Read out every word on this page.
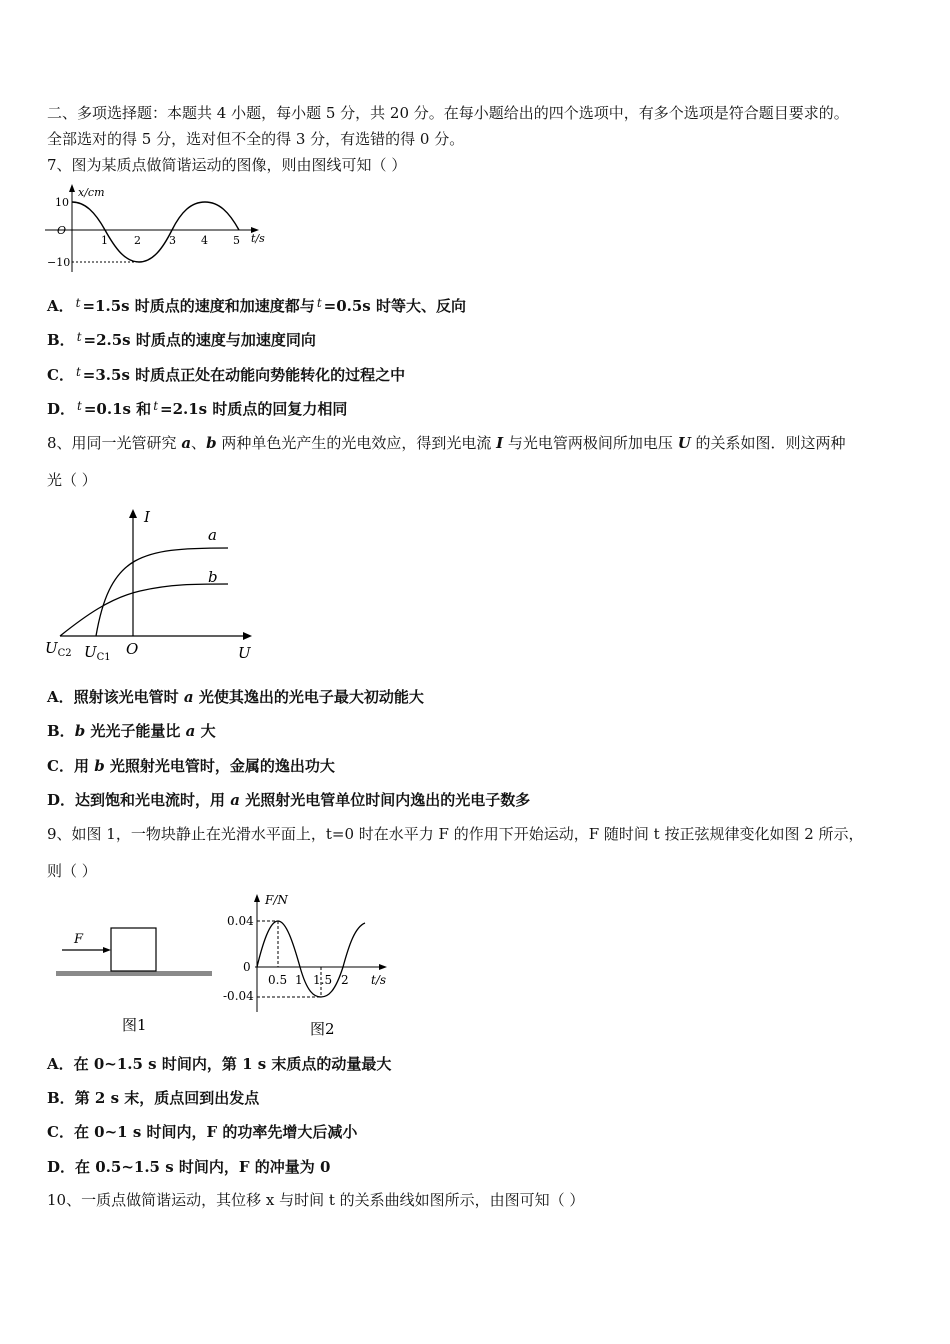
二、多项选择题：本题共 4 小题，每小题 5 分，共 20 分。在每小题给出的四个选项中，有多个选项是符合题目要求的。
全部选对的得 5 分，选对但不全的得 3 分，有选错的得 0 分。
7、图为某质点做简谐运动的图像，则由图线可知（ ）
x/cm
t/s
O
10
−10
1 2	3 4 5
A． $^t$ =1.5s 时质点的速度和加速度都与 $^t$ =0.5s 时等大、反向
B． $^t$ =2.5s 时质点的速度与加速度同向
C． $^t$ =3.5s 时质点正处在动能向势能转化的过程之中
D． $^t$ =0.1s 和 $^t$ =2.1s 时质点的回复力相同
8、用同一光管研究 a、b 两种单色光产生的光电效应，得到光电流 I 与光电管两极间所加电压 U 的关系如图．则这两种
光（ ）
I
U
O
$U_{C2}$ $U_{C1}$
a
b
A．照射该光电管时 a 光使其逸出的光电子最大初动能大
B．b 光光子能量比 a 大
C．用 b 光照射光电管时，金属的逸出功大
D．达到饱和光电流时，用 a 光照射光电管单位时间内逸出的光电子数多
9、如图 1，一物块静止在光滑水平面上，t=0 时在水平力 F 的作用下开始运动，F 随时间 t 按正弦规律变化如图 2 所示，
则（ ）
F
图1
F/N
t/s
0
0.04
-0.04
0.5 1 1.5 2
图2
A．在 0~1.5 s 时间内，第 1 s 末质点的动量最大
B．第 2 s 末，质点回到出发点
C．在 0~1 s 时间内，F 的功率先增大后减小
D．在 0.5~1.5 s 时间内，F 的冲量为 0
10、一质点做简谐运动，其位移 x 与时间 t 的关系曲线如图所示，由图可知（ ）
